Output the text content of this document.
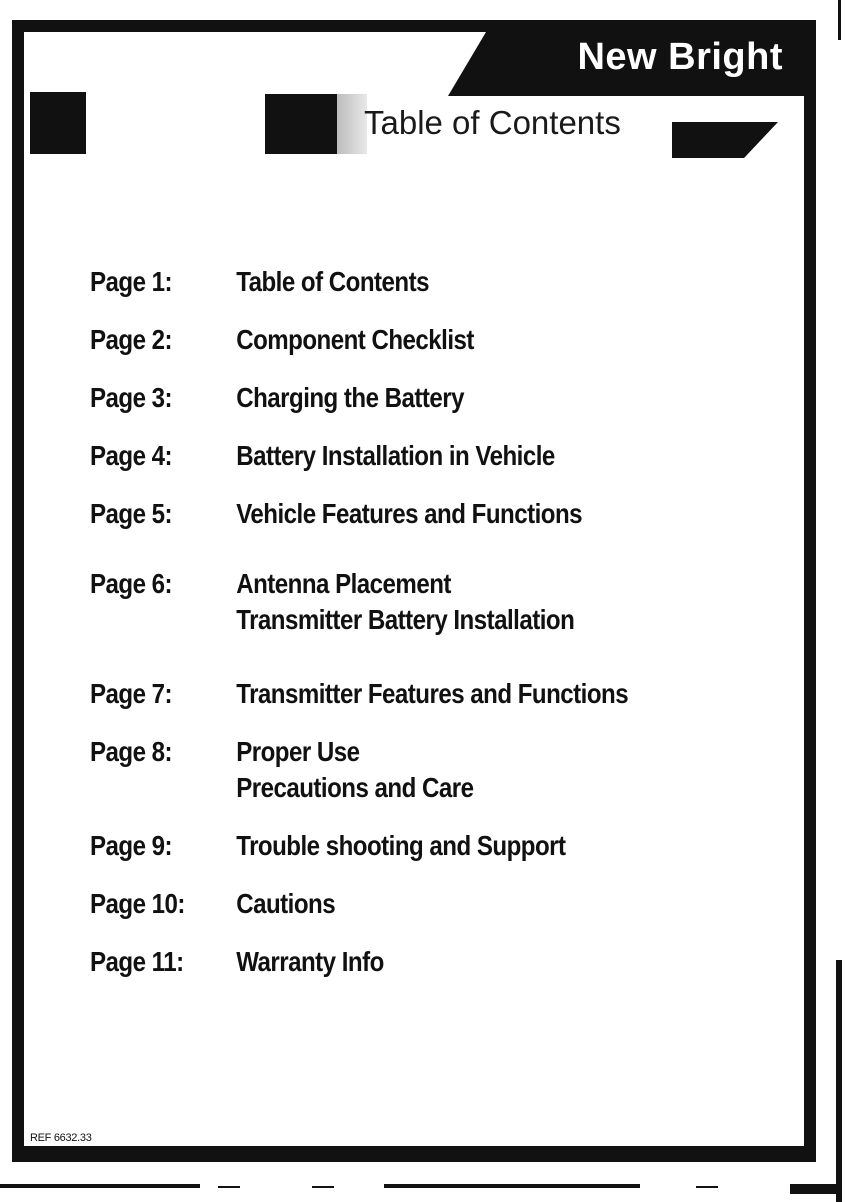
New Bright
Table of Contents
Page 1:	Table of Contents
Page 2:	Component Checklist
Page 3:	Charging the Battery
Page 4:	Battery Installation in Vehicle
Page 5:	Vehicle Features and Functions
Page 6:	Antenna Placement
Transmitter Battery Installation
Page 7:	Transmitter Features and Functions
Page 8:	Proper Use
Precautions and Care
Page 9:	Trouble shooting and Support
Page 10:	Cautions
Page 11:	Warranty Info
REF 6632.33
